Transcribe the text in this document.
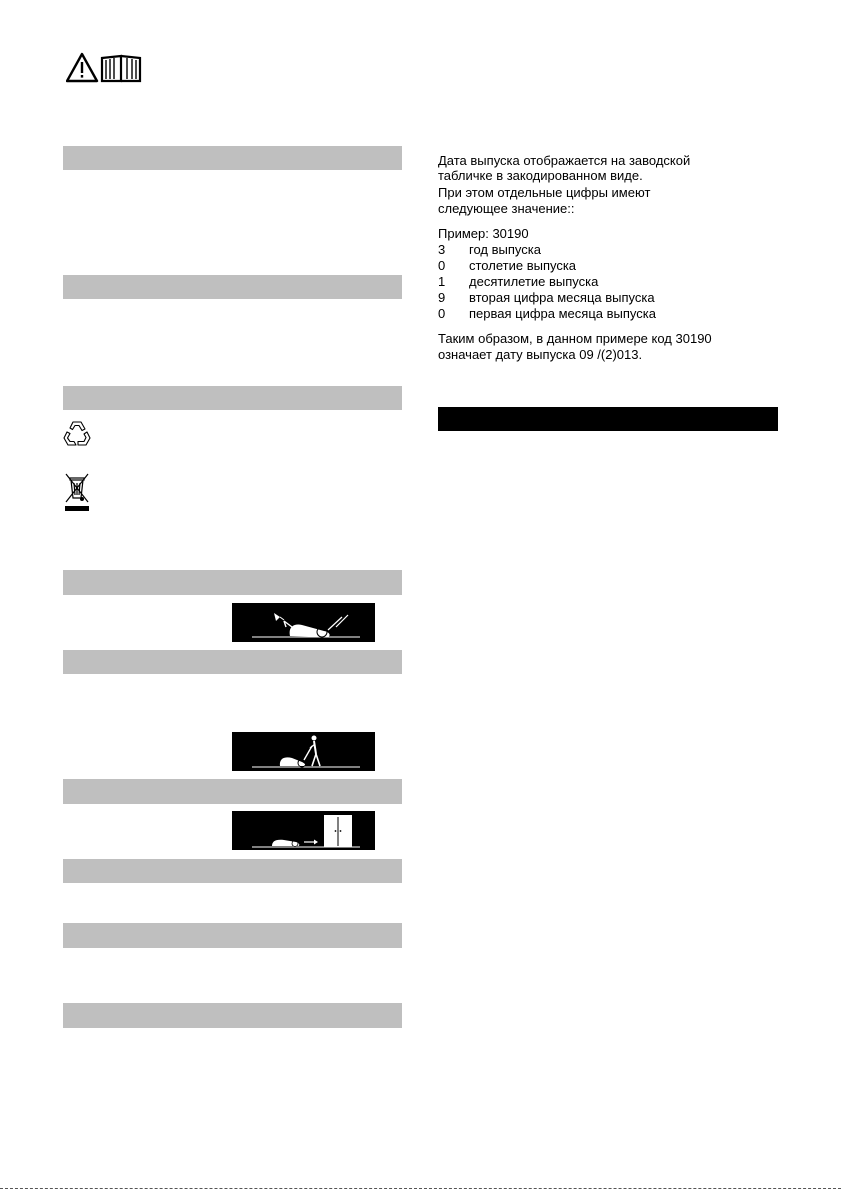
Дата выпуска отображается на заводской
табличке в закодированном виде.
При этом отдельные цифры имеют
следующее значение::
Пример: 30190
3 год выпуска
0 столетие выпуска
1 десятилетие выпуска
9 вторая цифра месяца выпуска
0 первая цифра месяца выпуска
Таким образом, в данном примере код 30190
означает дату выпуска 09 /(2)013.
